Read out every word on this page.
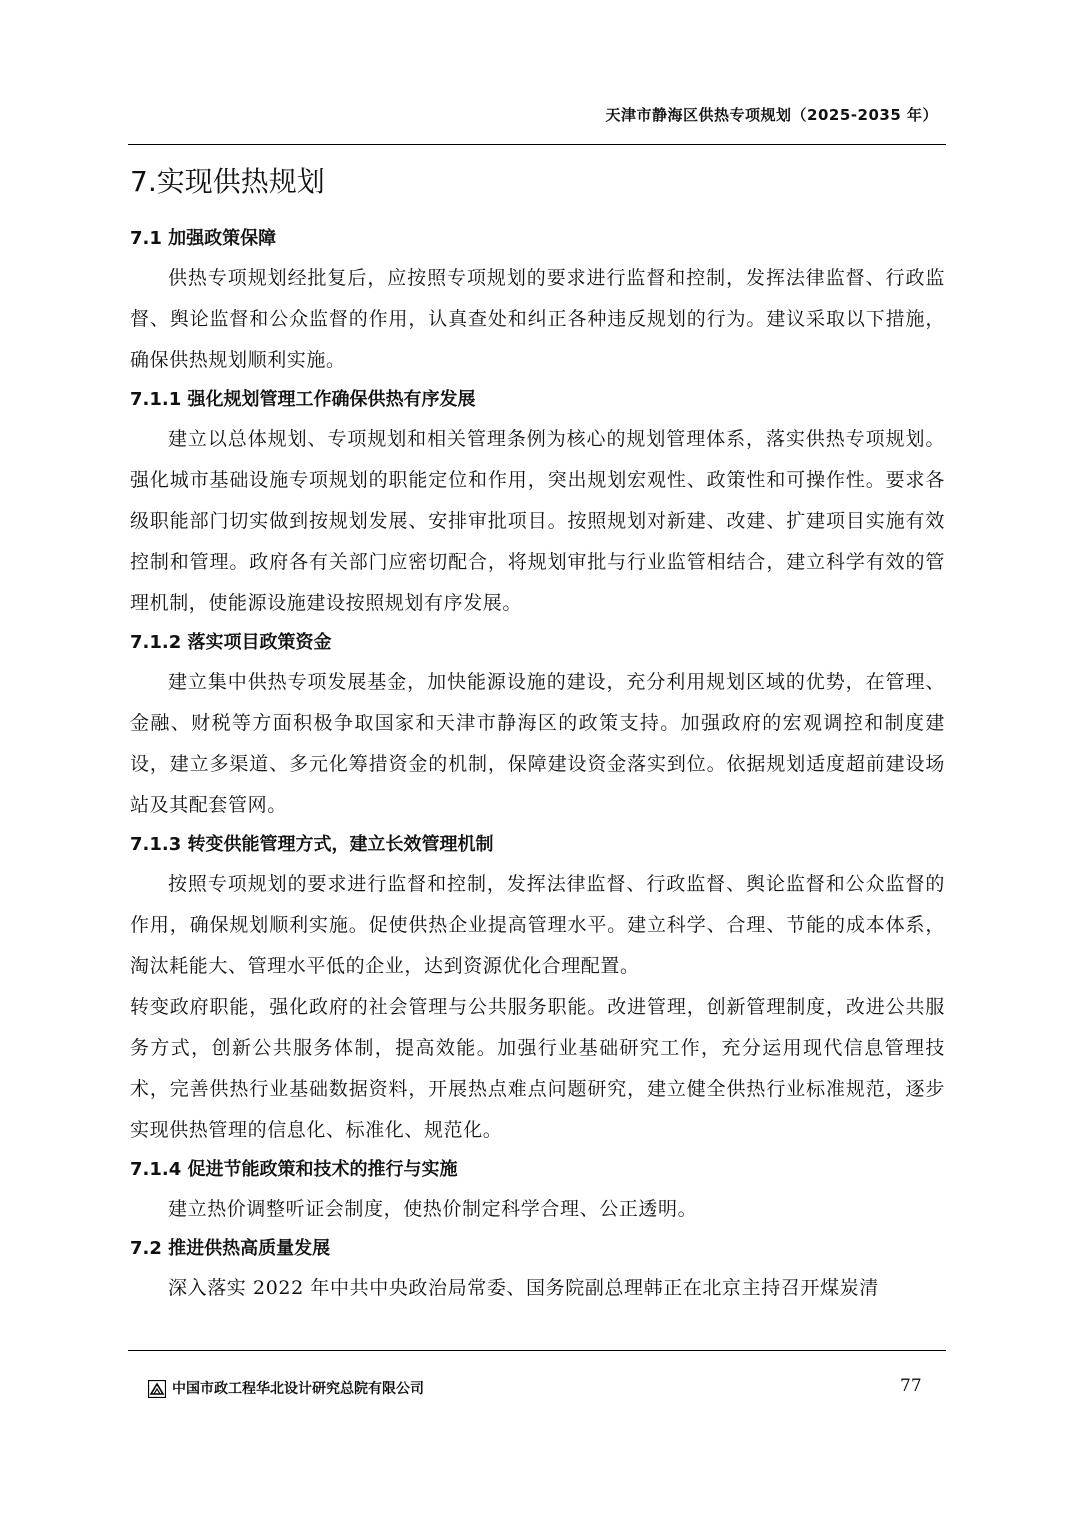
天津市静海区供热专项规划（2025-2035 年）
7.实现供热规划
7.1 加强政策保障

供热专项规划经批复后，应按照专项规划的要求进行监督和控制，发挥法律监督、行政监督、舆论监督和公众监督的作用，认真查处和纠正各种违反规划的行为。建议采取以下措施，确保供热规划顺利实施。

7.1.1 强化规划管理工作确保供热有序发展

建立以总体规划、专项规划和相关管理条例为核心的规划管理体系，落实供热专项规划。强化城市基础设施专项规划的职能定位和作用，突出规划宏观性、政策性和可操作性。要求各级职能部门切实做到按规划发展、安排审批项目。按照规划对新建、改建、扩建项目实施有效控制和管理。政府各有关部门应密切配合，将规划审批与行业监管相结合，建立科学有效的管理机制，使能源设施建设按照规划有序发展。

7.1.2 落实项目政策资金

建立集中供热专项发展基金，加快能源设施的建设，充分利用规划区域的优势，在管理、金融、财税等方面积极争取国家和天津市静海区的政策支持。加强政府的宏观调控和制度建设，建立多渠道、多元化筹措资金的机制，保障建设资金落实到位。依据规划适度超前建设场站及其配套管网。

7.1.3 转变供能管理方式，建立长效管理机制

按照专项规划的要求进行监督和控制，发挥法律监督、行政监督、舆论监督和公众监督的作用，确保规划顺利实施。促使供热企业提高管理水平。建立科学、合理、节能的成本体系，淘汰耗能大、管理水平低的企业，达到资源优化合理配置。

转变政府职能，强化政府的社会管理与公共服务职能。改进管理，创新管理制度，改进公共服务方式，创新公共服务体制，提高效能。加强行业基础研究工作，充分运用现代信息管理技术，完善供热行业基础数据资料，开展热点难点问题研究，建立健全供热行业标准规范，逐步实现供热管理的信息化、标准化、规范化。

7.1.4 促进节能政策和技术的推行与实施

建立热价调整听证会制度，使热价制定科学合理、公正透明。

7.2 推进供热高质量发展

深入落实 2022 年中共中央政治局常委、国务院副总理韩正在北京主持召开煤炭清

中国市政工程华北设计研究总院有限公司	77
